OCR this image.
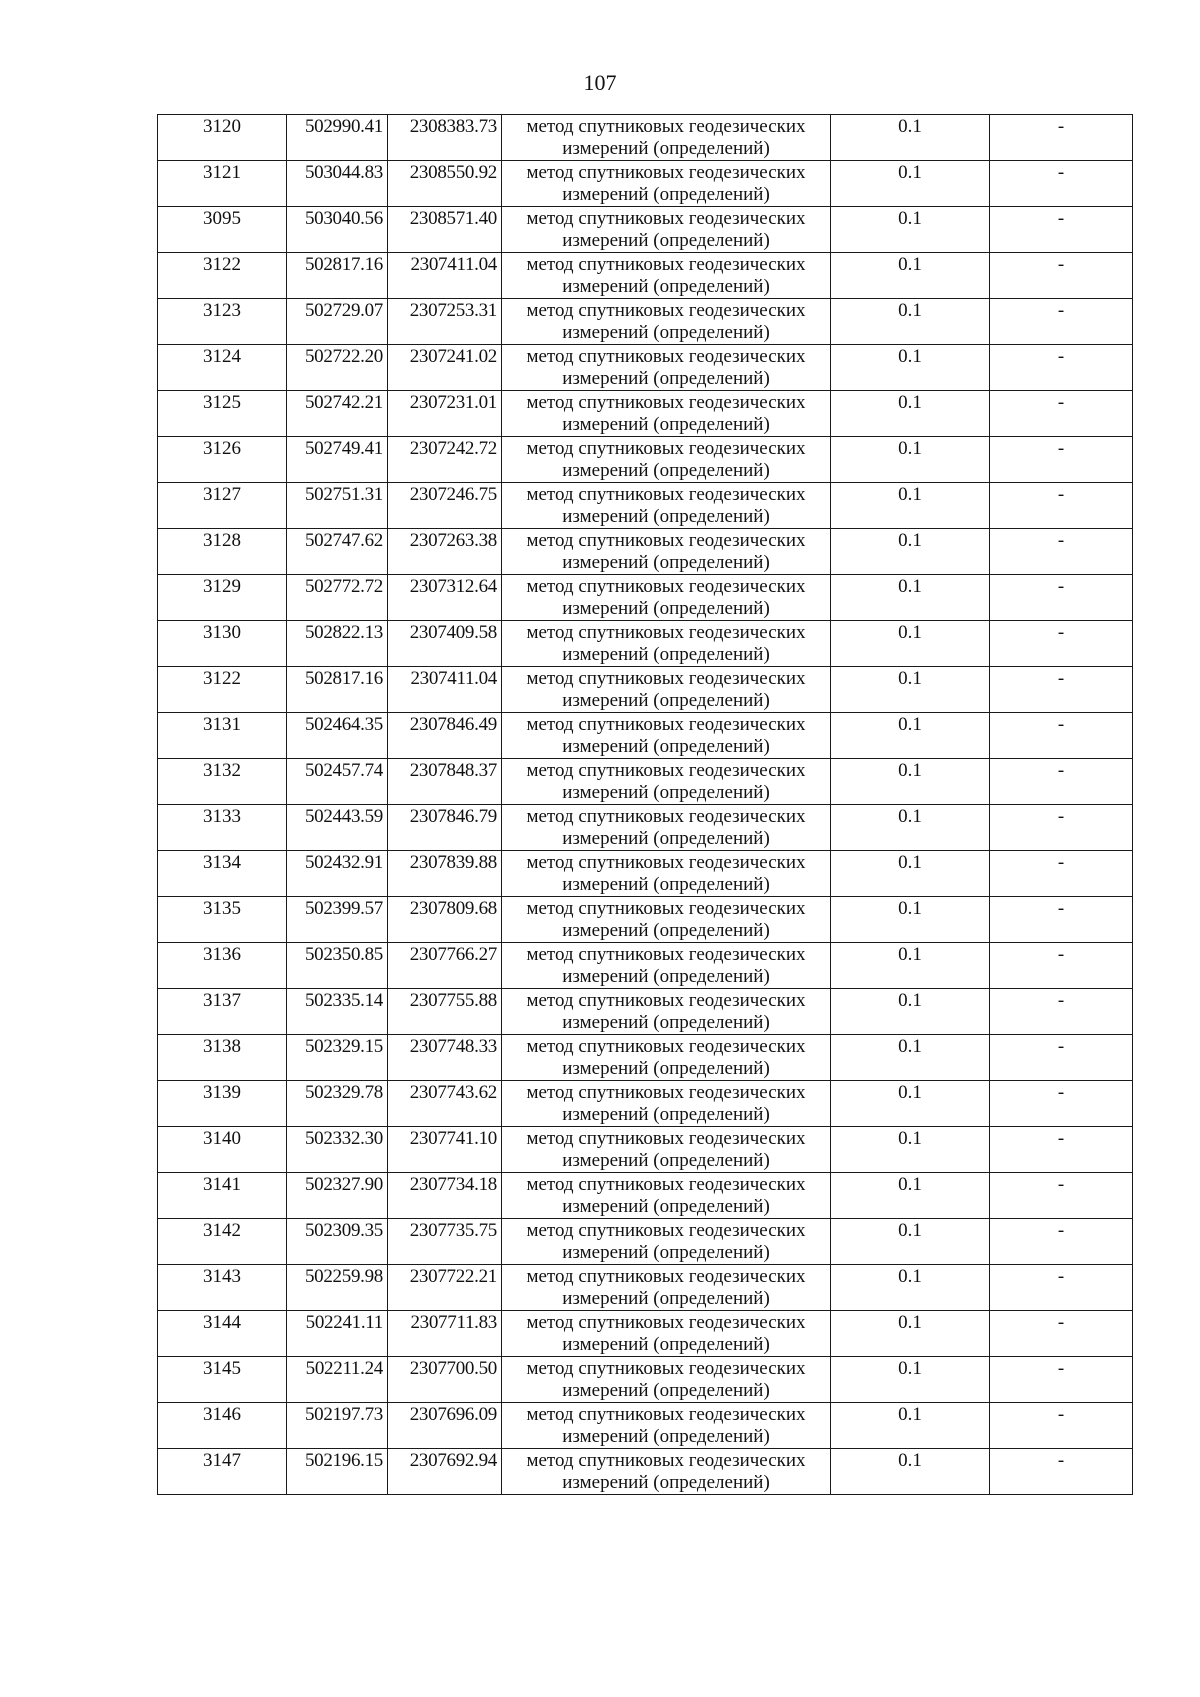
107
3120	502990.41	2308383.73	метод спутниковых геодезических
измерений (определений)	0.1	-
3121	503044.83	2308550.92	метод спутниковых геодезических
измерений (определений)	0.1	-
3095	503040.56	2308571.40	метод спутниковых геодезических
измерений (определений)	0.1	-
3122	502817.16	2307411.04	метод спутниковых геодезических
измерений (определений)	0.1	-
3123	502729.07	2307253.31	метод спутниковых геодезических
измерений (определений)	0.1	-
3124	502722.20	2307241.02	метод спутниковых геодезических
измерений (определений)	0.1	-
3125	502742.21	2307231.01	метод спутниковых геодезических
измерений (определений)	0.1	-
3126	502749.41	2307242.72	метод спутниковых геодезических
измерений (определений)	0.1	-
3127	502751.31	2307246.75	метод спутниковых геодезических
измерений (определений)	0.1	-
3128	502747.62	2307263.38	метод спутниковых геодезических
измерений (определений)	0.1	-
3129	502772.72	2307312.64	метод спутниковых геодезических
измерений (определений)	0.1	-
3130	502822.13	2307409.58	метод спутниковых геодезических
измерений (определений)	0.1	-
3122	502817.16	2307411.04	метод спутниковых геодезических
измерений (определений)	0.1	-
3131	502464.35	2307846.49	метод спутниковых геодезических
измерений (определений)	0.1	-
3132	502457.74	2307848.37	метод спутниковых геодезических
измерений (определений)	0.1	-
3133	502443.59	2307846.79	метод спутниковых геодезических
измерений (определений)	0.1	-
3134	502432.91	2307839.88	метод спутниковых геодезических
измерений (определений)	0.1	-
3135	502399.57	2307809.68	метод спутниковых геодезических
измерений (определений)	0.1	-
3136	502350.85	2307766.27	метод спутниковых геодезических
измерений (определений)	0.1	-
3137	502335.14	2307755.88	метод спутниковых геодезических
измерений (определений)	0.1	-
3138	502329.15	2307748.33	метод спутниковых геодезических
измерений (определений)	0.1	-
3139	502329.78	2307743.62	метод спутниковых геодезических
измерений (определений)	0.1	-
3140	502332.30	2307741.10	метод спутниковых геодезических
измерений (определений)	0.1	-
3141	502327.90	2307734.18	метод спутниковых геодезических
измерений (определений)	0.1	-
3142	502309.35	2307735.75	метод спутниковых геодезических
измерений (определений)	0.1	-
3143	502259.98	2307722.21	метод спутниковых геодезических
измерений (определений)	0.1	-
3144	502241.11	2307711.83	метод спутниковых геодезических
измерений (определений)	0.1	-
3145	502211.24	2307700.50	метод спутниковых геодезических
измерений (определений)	0.1	-
3146	502197.73	2307696.09	метод спутниковых геодезических
измерений (определений)	0.1	-
3147	502196.15	2307692.94	метод спутниковых геодезических
измерений (определений)	0.1	-
